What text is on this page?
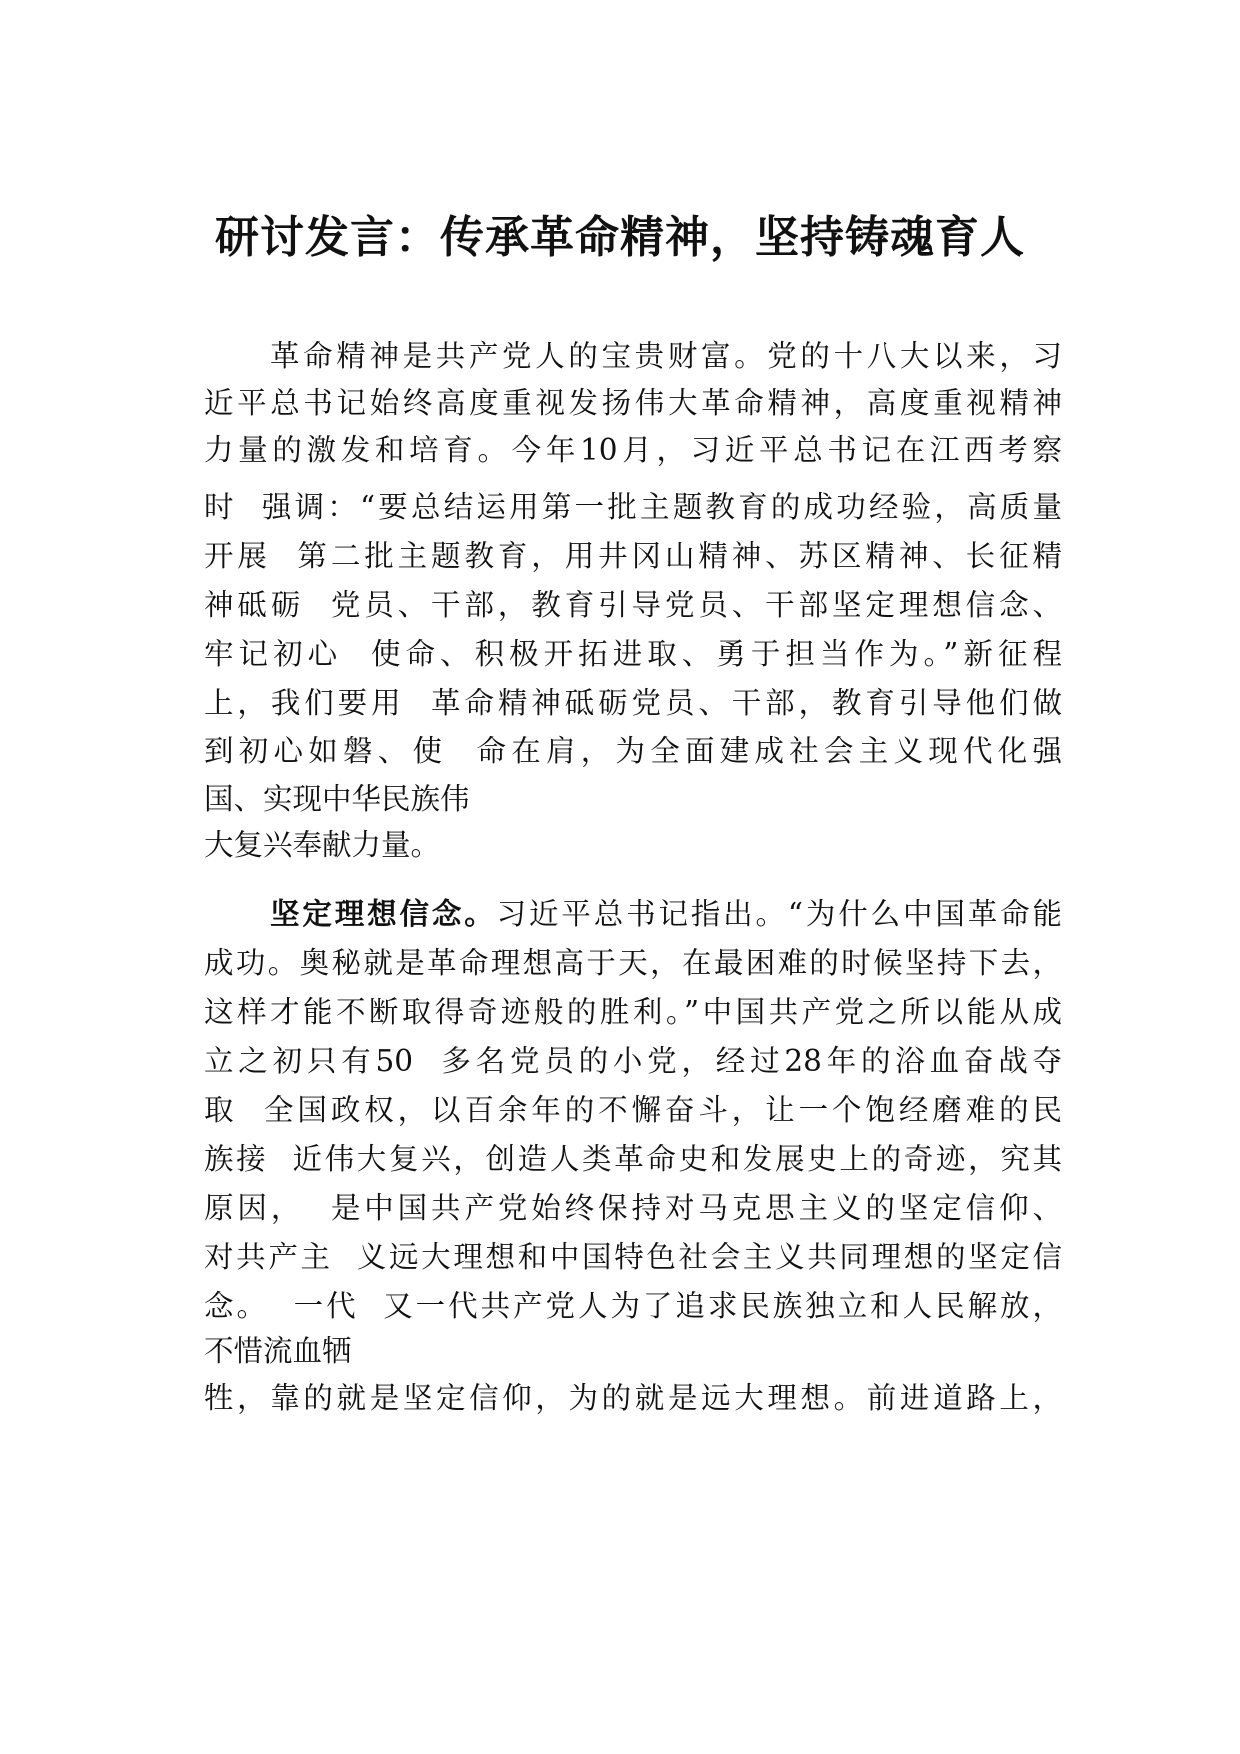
研讨发言：传承革命精神，坚持铸魂育人
革命精神是共产党人的宝贵财富。党的十八大以来，习
近平总书记始终高度重视发扬伟大革命精神，高度重视精神
力量的激发和培育。今年10月，习近平总书记在江西考察
时  强调：“要总结运用第一批主题教育的成功经验，高质量
开展  第二批主题教育，用井冈山精神、苏区精神、长征精
神砥砺  党员、干部，教育引导党员、干部坚定理想信念、
牢记初心  使命、积极开拓进取、勇于担当作为。”新征程
上，我们要用  革命精神砥砺党员、干部，教育引导他们做
到初心如磐、使  命在肩，为全面建成社会主义现代化强
国、实现中华民族伟
大复兴奉献力量。
坚定理想信念。习近平总书记指出。“为什么中国革命能
成功。奥秘就是革命理想高于天，在最困难的时候坚持下去，
这样才能不断取得奇迹般的胜利。”中国共产党之所以能从成
立之初只有50  多名党员的小党，经过28年的浴血奋战夺
取  全国政权，以百余年的不懈奋斗，让一个饱经磨难的民
族接  近伟大复兴，创造人类革命史和发展史上的奇迹，究其
原因，  是中国共产党始终保持对马克思主义的坚定信仰、
对共产主  义远大理想和中国特色社会主义共同理想的坚定信
念。  一代  又一代共产党人为了追求民族独立和人民解放，
不惜流血牺
牲，靠的就是坚定信仰，为的就是远大理想。前进道路上，
